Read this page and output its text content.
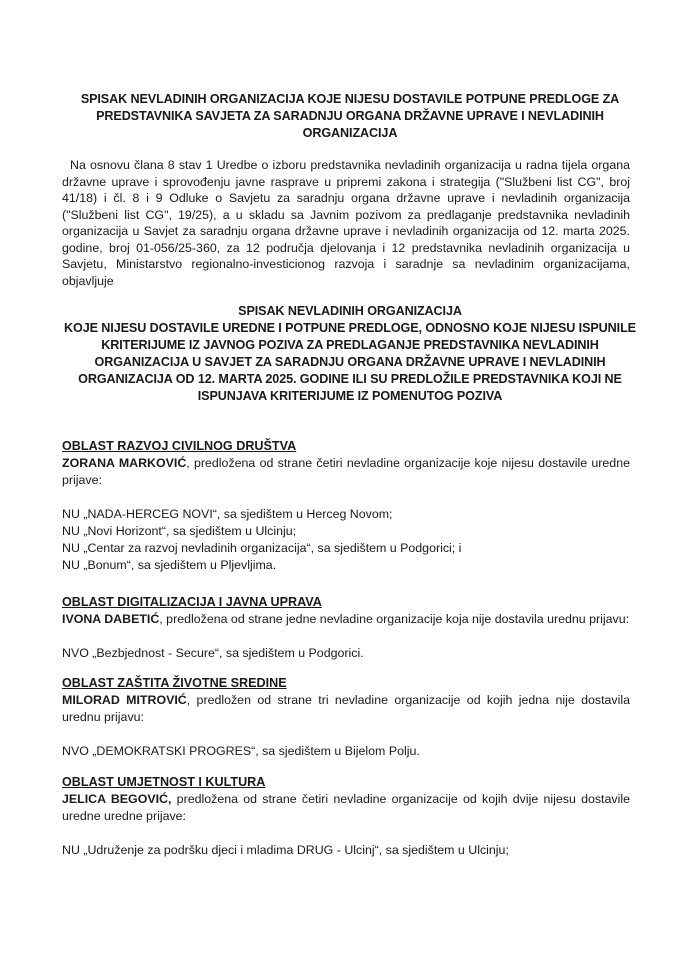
SPISAK NEVLADINIH ORGANIZACIJA KOJE NIJESU DOSTAVILE POTPUNE PREDLOGE ZA PREDSTAVNIKA SAVJETA ZA SARADNJU ORGANA DRŽAVNE UPRAVE I NEVLADINIH ORGANIZACIJA

Na osnovu člana 8 stav 1 Uredbe o izboru predstavnika nevladinih organizacija u radna tijela organa državne uprave i sprovođenju javne rasprave u pripremi zakona i strategija ("Službeni list CG", broj 41/18) i čl. 8 i 9 Odluke o Savjetu za saradnju organa državne uprave i nevladinih organizacija ("Službeni list CG", 19/25), a u skladu sa Javnim pozivom za predlaganje predstavnika nevladinih organizacija u Savjet za saradnju organa državne uprave i nevladinih organizacija od 12. marta 2025. godine, broj 01-056/25-360, za 12 područja djelovanja i 12 predstavnika nevladinih organizacija u Savjetu, Ministarstvo regionalno-investicionog razvoja i saradnje sa nevladinim organizacijama, objavljuje

SPISAK NEVLADINIH ORGANIZACIJA
KOJE NIJESU DOSTAVILE UREDNE I POTPUNE PREDLOGE, ODNOSNO KOJE NIJESU ISPUNILE KRITERIJUME IZ JAVNOG POZIVA ZA PREDLAGANJE PREDSTAVNIKA NEVLADINIH ORGANIZACIJA U SAVJET ZA SARADNJU ORGANA DRŽAVNE UPRAVE I NEVLADINIH ORGANIZACIJA OD 12. MARTA 2025. GODINE ILI SU PREDLOŽILE PREDSTAVNIKA KOJI NE ISPUNJAVA KRITERIJUME IZ POMENUTOG POZIVA
OBLAST RAZVOJ CIVILNOG DRUŠTVA
ZORANA MARKOVIĆ, predložena od strane četiri nevladine organizacije koje nijesu dostavile uredne prijave:
NU „NADA-HERCEG NOVI“, sa sjedištem u Herceg Novom;
NU „Novi Horizont“, sa sjedištem u Ulcinju;
NU „Centar za razvoj nevladinih organizacija“, sa sjedištem u Podgorici; i
NU „Bonum“, sa sjedištem u Pljevljima.
OBLAST DIGITALIZACIJA I JAVNA UPRAVA
IVONA DABETIĆ, predložena od strane jedne nevladine organizacije koja nije dostavila urednu prijavu:
NVO „Bezbjednost - Secure“, sa sjedištem u Podgorici.
OBLAST ZAŠTITA ŽIVOTNE SREDINE
MILORAD MITROVIĆ, predložen od strane tri nevladine organizacije od kojih jedna nije dostavila urednu prijavu:
NVO „DEMOKRATSKI PROGRES“, sa sjedištem u Bijelom Polju.
OBLAST UMJETNOST I KULTURA
JELICA BEGOVIĆ, predložena od strane četiri nevladine organizacije od kojih dvije nijesu dostavile uredne uredne prijave:
NU „Udruženje za podršku djeci i mladima DRUG - Ulcinj“, sa sjedištem u Ulcinju;
